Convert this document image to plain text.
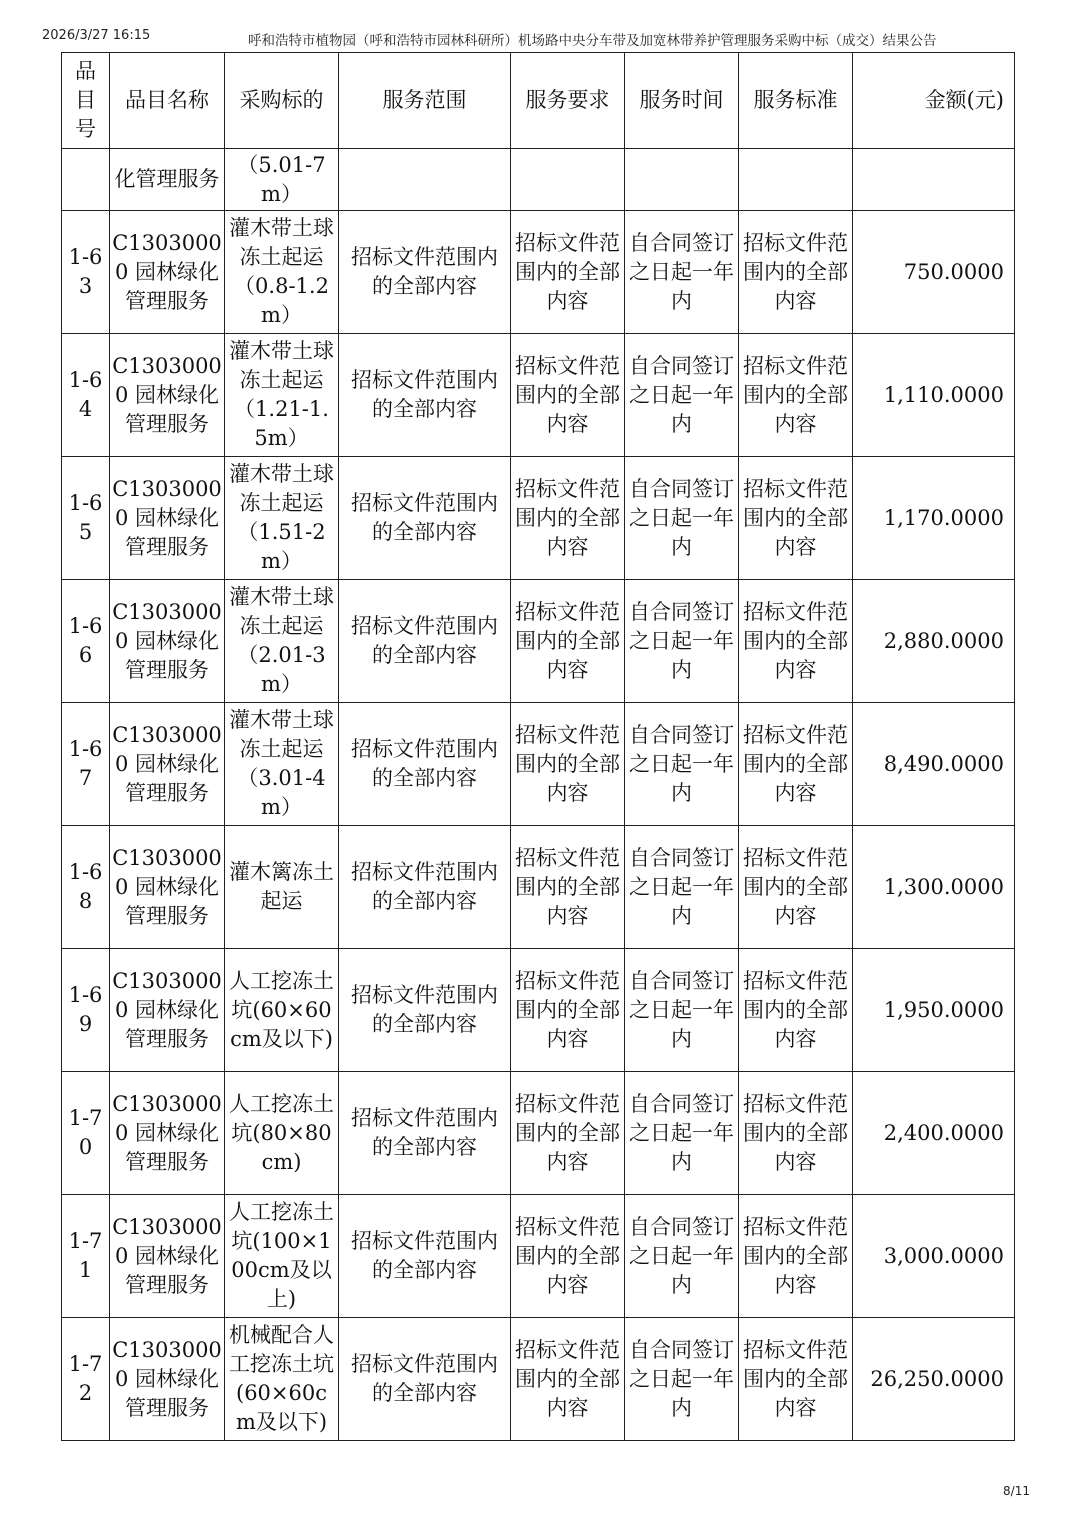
2026/3/27 16:15	呼和浩特市植物园（呼和浩特市园林科研所）机场路中央分车带及加宽林带养护管理服务采购中标（成交）结果公告
品目号	品目名称	采购标的	服务范围	服务要求	服务时间	服务标准	金额(元)
	化管理服务	（5.01-7m）					
1-63	C13030000 园林绿化管理服务	灌木带土球冻土起运（0.8-1.2m）	招标文件范围内的全部内容	招标文件范围内的全部内容	自合同签订之日起一年内	招标文件范围内的全部内容	750.0000
1-64	C13030000 园林绿化管理服务	灌木带土球冻土起运（1.21-1.5m）	招标文件范围内的全部内容	招标文件范围内的全部内容	自合同签订之日起一年内	招标文件范围内的全部内容	1,110.0000
1-65	C13030000 园林绿化管理服务	灌木带土球冻土起运（1.51-2m）	招标文件范围内的全部内容	招标文件范围内的全部内容	自合同签订之日起一年内	招标文件范围内的全部内容	1,170.0000
1-66	C13030000 园林绿化管理服务	灌木带土球冻土起运（2.01-3m）	招标文件范围内的全部内容	招标文件范围内的全部内容	自合同签订之日起一年内	招标文件范围内的全部内容	2,880.0000
1-67	C13030000 园林绿化管理服务	灌木带土球冻土起运（3.01-4m）	招标文件范围内的全部内容	招标文件范围内的全部内容	自合同签订之日起一年内	招标文件范围内的全部内容	8,490.0000
1-68	C13030000 园林绿化管理服务	灌木篱冻土起运	招标文件范围内的全部内容	招标文件范围内的全部内容	自合同签订之日起一年内	招标文件范围内的全部内容	1,300.0000
1-69	C13030000 园林绿化管理服务	人工挖冻土坑(60×60cm及以下)	招标文件范围内的全部内容	招标文件范围内的全部内容	自合同签订之日起一年内	招标文件范围内的全部内容	1,950.0000
1-70	C13030000 园林绿化管理服务	人工挖冻土坑(80×80cm)	招标文件范围内的全部内容	招标文件范围内的全部内容	自合同签订之日起一年内	招标文件范围内的全部内容	2,400.0000
1-71	C13030000 园林绿化管理服务	人工挖冻土坑(100×100cm及以上)	招标文件范围内的全部内容	招标文件范围内的全部内容	自合同签订之日起一年内	招标文件范围内的全部内容	3,000.0000
1-72	C13030000 园林绿化管理服务	机械配合人工挖冻土坑(60×60cm及以下)	招标文件范围内的全部内容	招标文件范围内的全部内容	自合同签订之日起一年内	招标文件范围内的全部内容	26,250.0000
8/11
